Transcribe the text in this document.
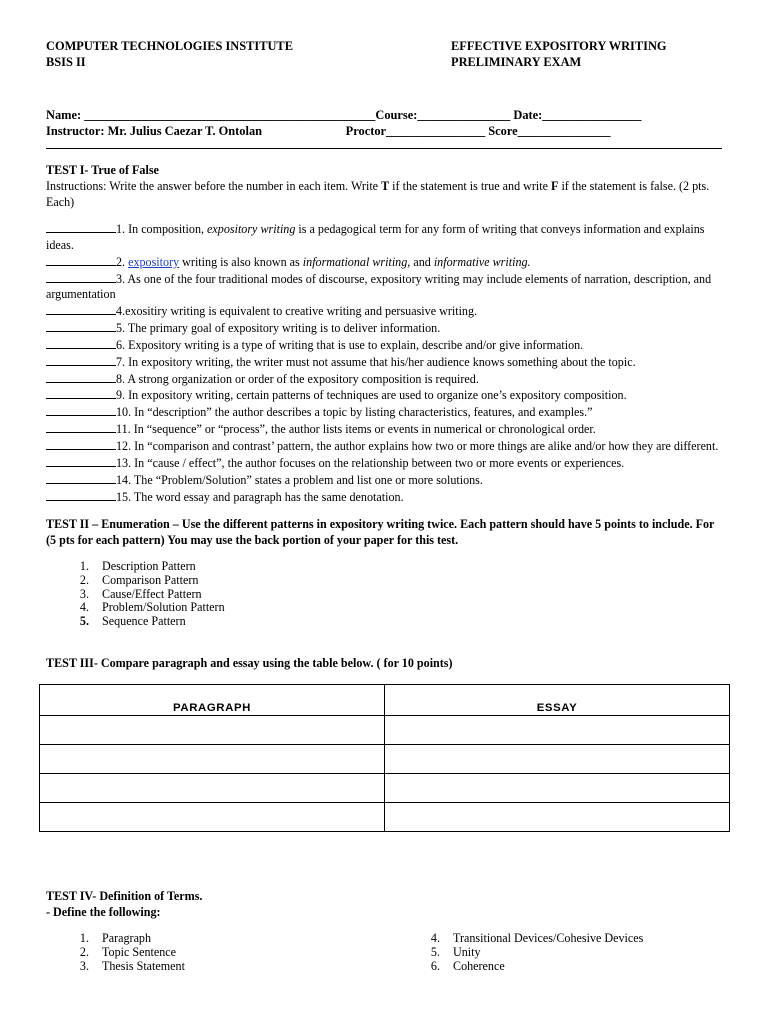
COMPUTER TECHNOLOGIES INSTITUTE
BSIS II
EFFECTIVE EXPOSITORY WRITING
PRELIMINARY EXAM
Name: _______________________________________________Course:_______________ Date:________________
Instructor: Mr. Julius Caezar T. Ontolan                           Proctor________________ Score_______________
TEST I- True of False
Instructions: Write the answer before the number in each item. Write T if the statement is true and write F if the statement is false. (2 pts. Each)
1. In composition, expository writing is a pedagogical term for any form of writing that conveys information and explains ideas.
2. expository writing is also known as informational writing, and informative writing.
3. As one of the four traditional modes of discourse, expository writing may include elements of narration, description, and argumentation
4.exositiry writing is equivalent to creative writing and persuasive writing.
5. The primary goal of expository writing is to deliver information.
6. Expository writing is a type of writing that is use to explain, describe and/or give information.
7. In expository writing, the writer must not assume that his/her audience knows something about the topic.
8. A strong organization or order of the expository composition is required.
9. In expository writing, certain patterns of techniques are used to organize one’s expository composition.
10. In “description” the author describes a topic by listing characteristics, features, and examples.”
11. In “sequence” or “process”, the author lists items or events in numerical or chronological order.
12. In “comparison and contrast’ pattern, the author explains how two or more things are alike and/or how they are different.
13. In “cause / effect”, the author focuses on the relationship between two or more events or experiences.
14. The “Problem/Solution” states a problem and list one or more solutions.
15. The word essay and paragraph has the same denotation.
TEST II – Enumeration – Use the different patterns in expository writing twice. Each pattern should have 5 points to include. For (5 pts for each pattern) You may use the back portion of your paper for this test.
1. Description Pattern
2. Comparison Pattern
3. Cause/Effect Pattern
4. Problem/Solution Pattern
5. Sequence Pattern
TEST III- Compare paragraph and essay using the table below. ( for 10 points)
PARAGRAPH	ESSAY

TEST IV- Definition of Terms.
- Define the following:
1. Paragraph
2. Topic Sentence
3. Thesis Statement
4. Transitional Devices/Cohesive Devices
5. Unity
6. Coherence
